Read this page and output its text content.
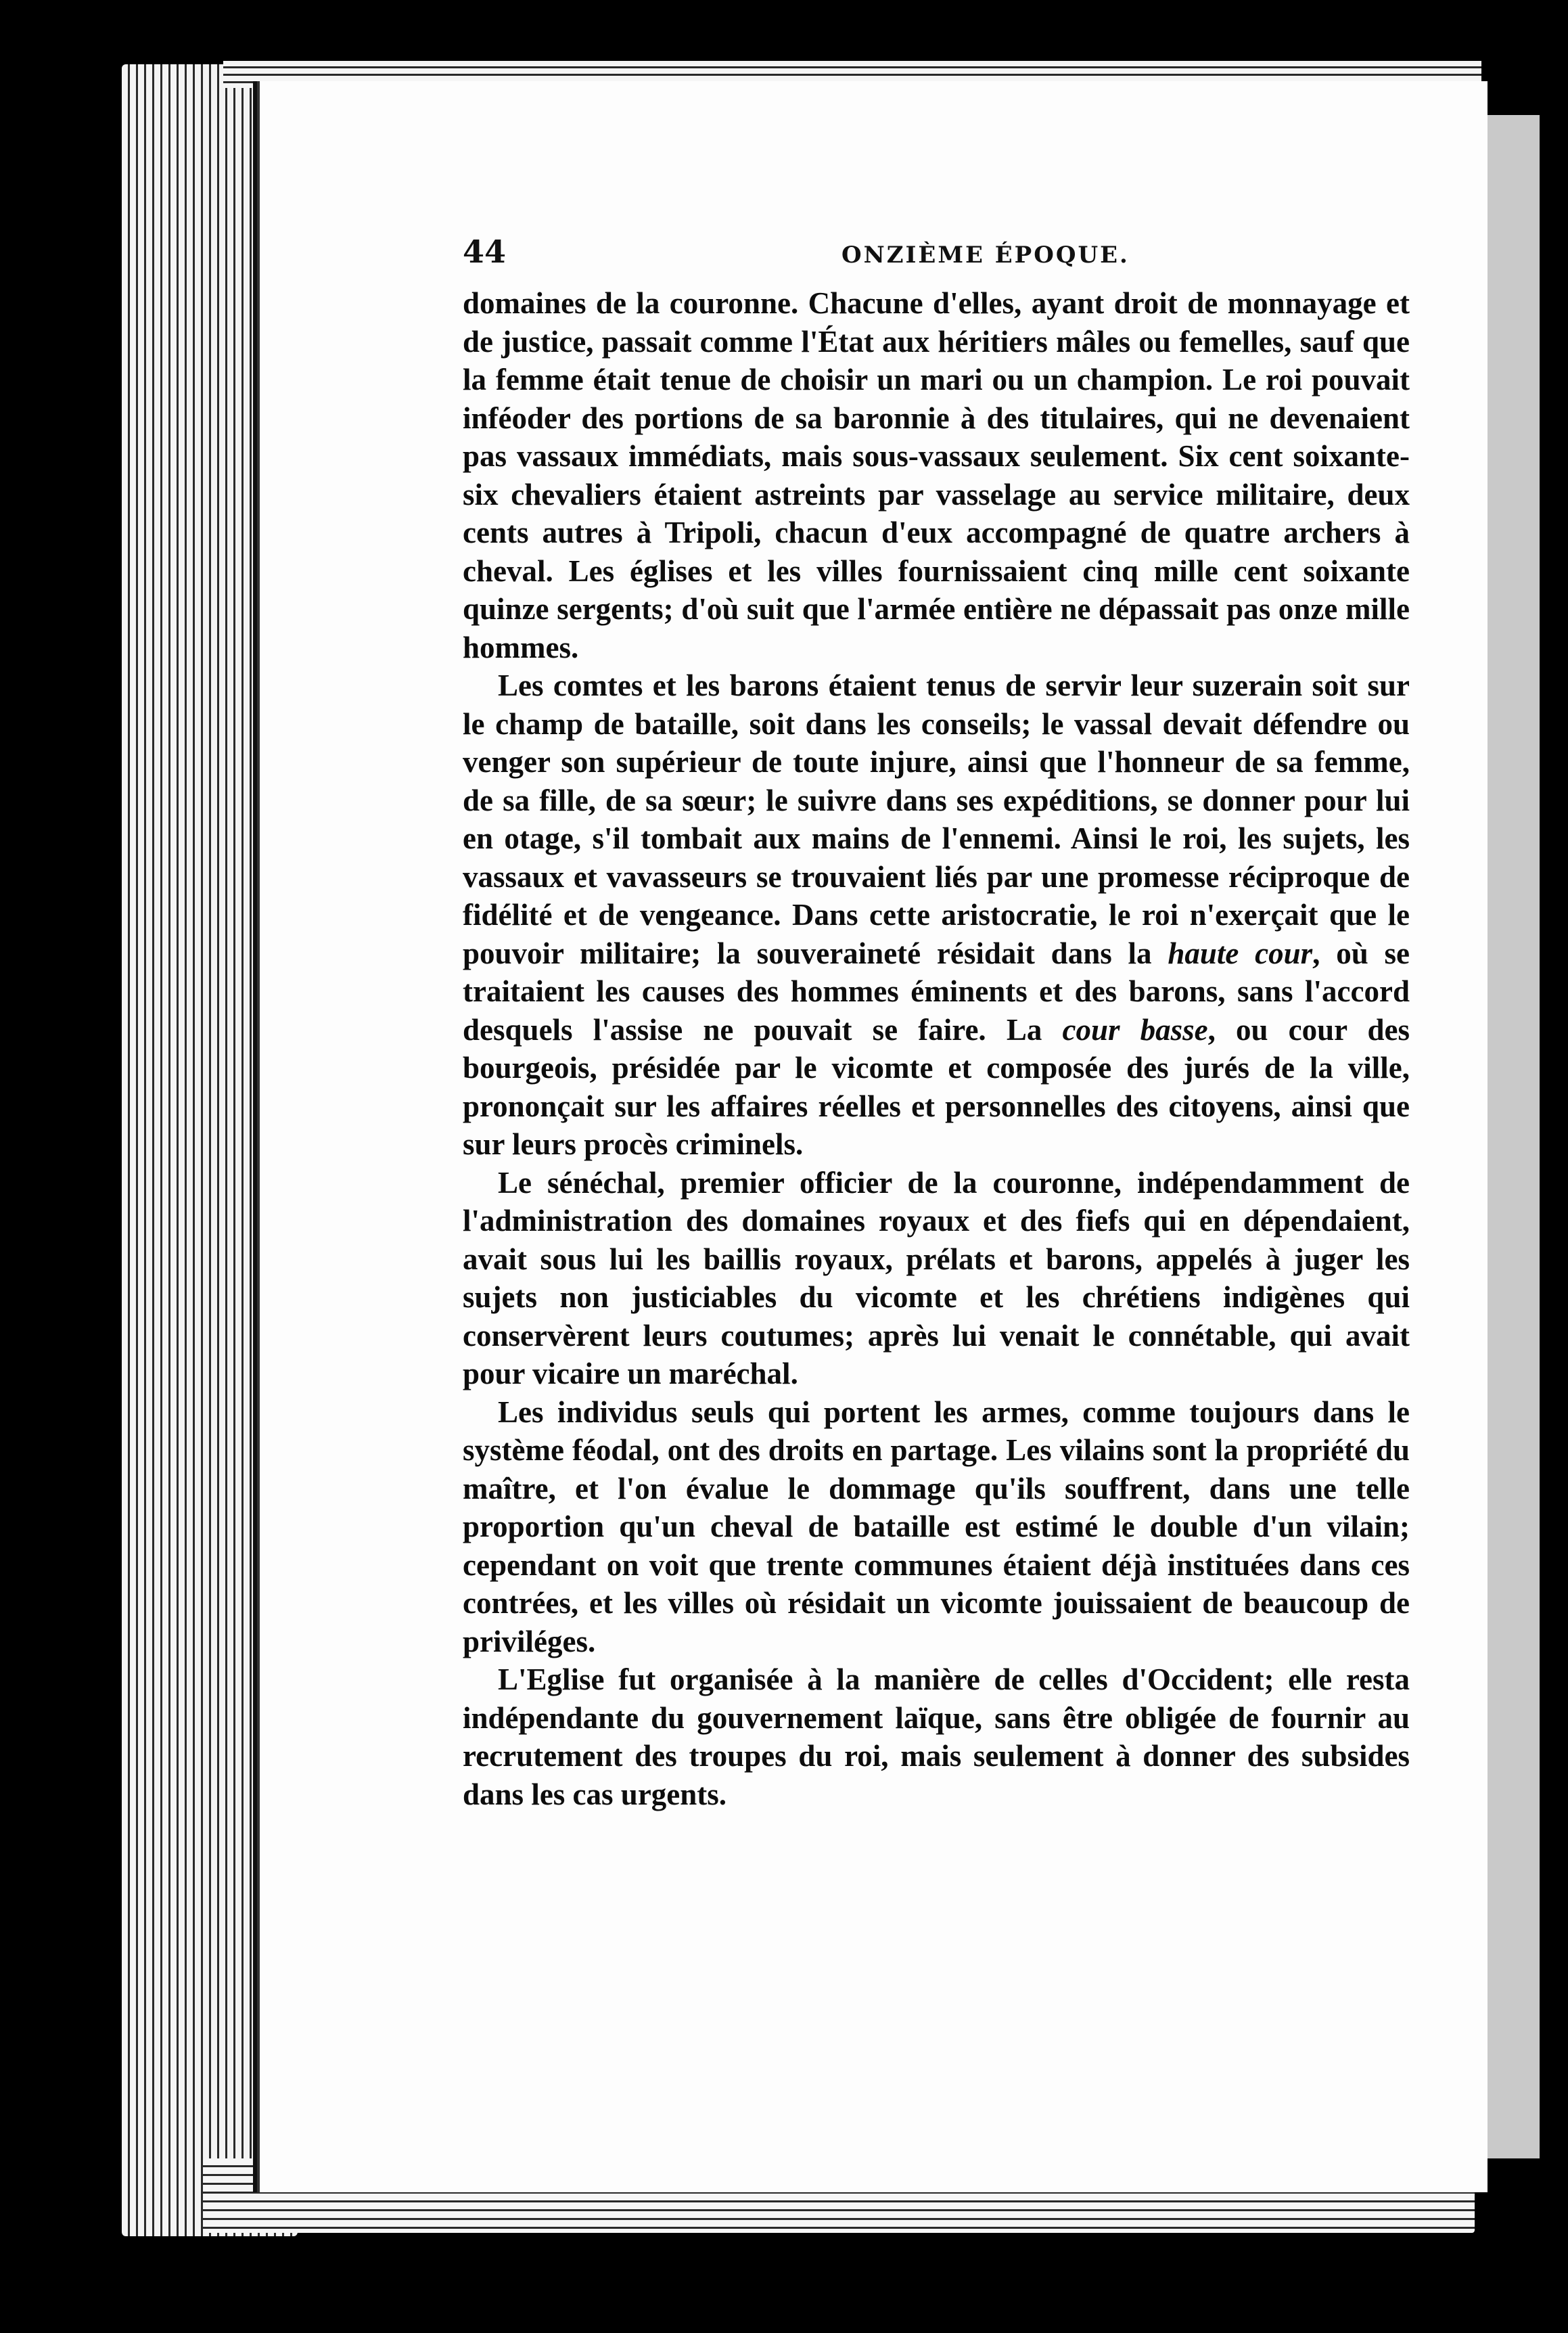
44	ONZIÈME ÉPOQUE.

domaines de la couronne. Chacune d'elles, ayant droit de monnayage et de justice, passait comme l'État aux héritiers mâles ou femelles, sauf que la femme était tenue de choisir un mari ou un champion. Le roi pouvait inféoder des portions de sa baronnie à des titulaires, qui ne devenaient pas vassaux immédiats, mais sous-vassaux seulement. Six cent soixante-six chevaliers étaient astreints par vasselage au service militaire, deux cents autres à Tripoli, chacun d'eux accompagné de quatre archers à cheval. Les églises et les villes fournissaient cinq mille cent soixante quinze sergents; d'où suit que l'armée entière ne dépassait pas onze mille hommes.

Les comtes et les barons étaient tenus de servir leur suzerain soit sur le champ de bataille, soit dans les conseils; le vassal devait défendre ou venger son supérieur de toute injure, ainsi que l'honneur de sa femme, de sa fille, de sa sœur; le suivre dans ses expéditions, se donner pour lui en otage, s'il tombait aux mains de l'ennemi. Ainsi le roi, les sujets, les vassaux et vavasseurs se trouvaient liés par une promesse réciproque de fidélité et de vengeance. Dans cette aristocratie, le roi n'exerçait que le pouvoir militaire; la souveraineté résidait dans la haute cour, où se traitaient les causes des hommes éminents et des barons, sans l'accord desquels l'assise ne pouvait se faire. La cour basse, ou cour des bourgeois, présidée par le vicomte et composée des jurés de la ville, prononçait sur les affaires réelles et personnelles des citoyens, ainsi que sur leurs procès criminels.

Le sénéchal, premier officier de la couronne, indépendamment de l'administration des domaines royaux et des fiefs qui en dépendaient, avait sous lui les baillis royaux, prélats et barons, appelés à juger les sujets non justiciables du vicomte et les chrétiens indigènes qui conservèrent leurs coutumes; après lui venait le connétable, qui avait pour vicaire un maréchal.

Les individus seuls qui portent les armes, comme toujours dans le système féodal, ont des droits en partage. Les vilains sont la propriété du maître, et l'on évalue le dommage qu'ils souffrent, dans une telle proportion qu'un cheval de bataille est estimé le double d'un vilain; cependant on voit que trente communes étaient déjà instituées dans ces contrées, et les villes où résidait un vicomte jouissaient de beaucoup de priviléges.

L'Eglise fut organisée à la manière de celles d'Occident; elle resta indépendante du gouvernement laïque, sans être obligée de fournir au recrutement des troupes du roi, mais seulement à donner des subsides dans les cas urgents.
